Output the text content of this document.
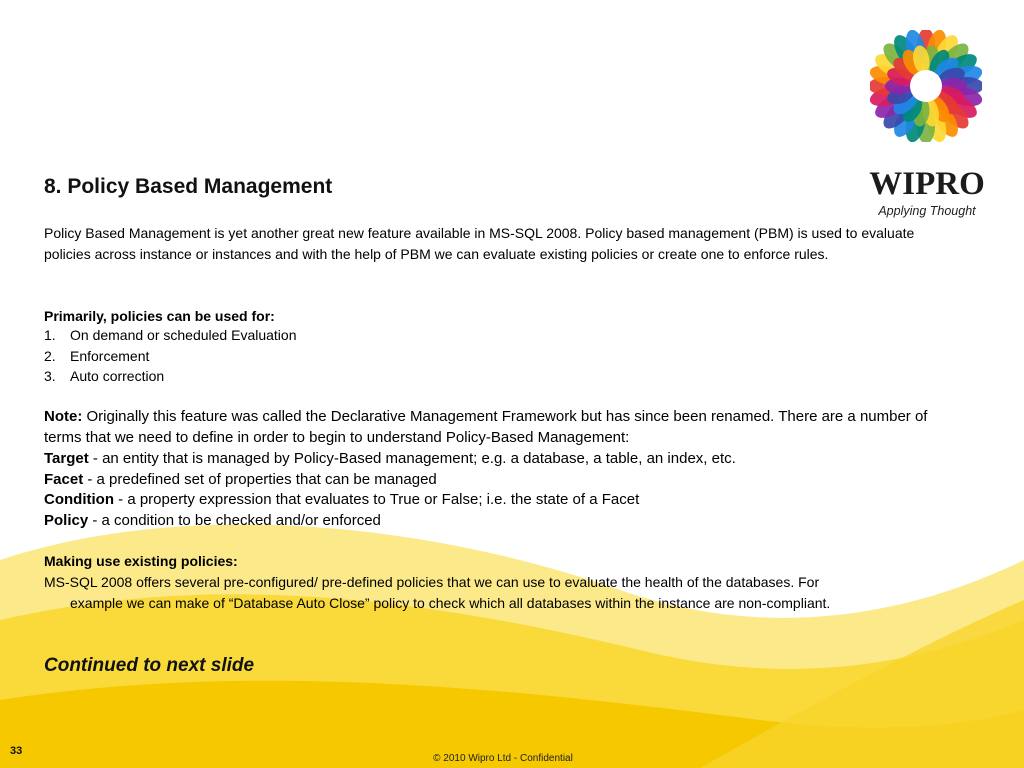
WIPRO
Applying Thought
8. Policy Based Management

Policy Based Management is yet another great new feature available in MS-SQL 2008. Policy based management (PBM) is used to evaluate policies across instance or instances and with the help of PBM we can evaluate existing policies or create one to enforce rules.

Primarily, policies can be used for:

1. On demand or scheduled Evaluation
2. Enforcement
3. Auto correction

Note: Originally this feature was called the Declarative Management Framework but has since been renamed. There are a number of terms that we need to define in order to begin to understand Policy-Based Management:

Target - an entity that is managed by Policy-Based management; e.g. a database, a table, an index, etc.
Facet - a predefined set of properties that can be managed
Condition - a property expression that evaluates to True or False; i.e. the state of a Facet
Policy - a condition to be checked and/or enforced

Making use existing policies:

MS-SQL 2008 offers several pre-configured/ pre-defined policies that we can use to evaluate the health of the databases. For
example we can make of “Database Auto Close” policy to check which all databases within the instance are non-compliant.

Continued to next slide

33
© 2010 Wipro Ltd - Confidential
